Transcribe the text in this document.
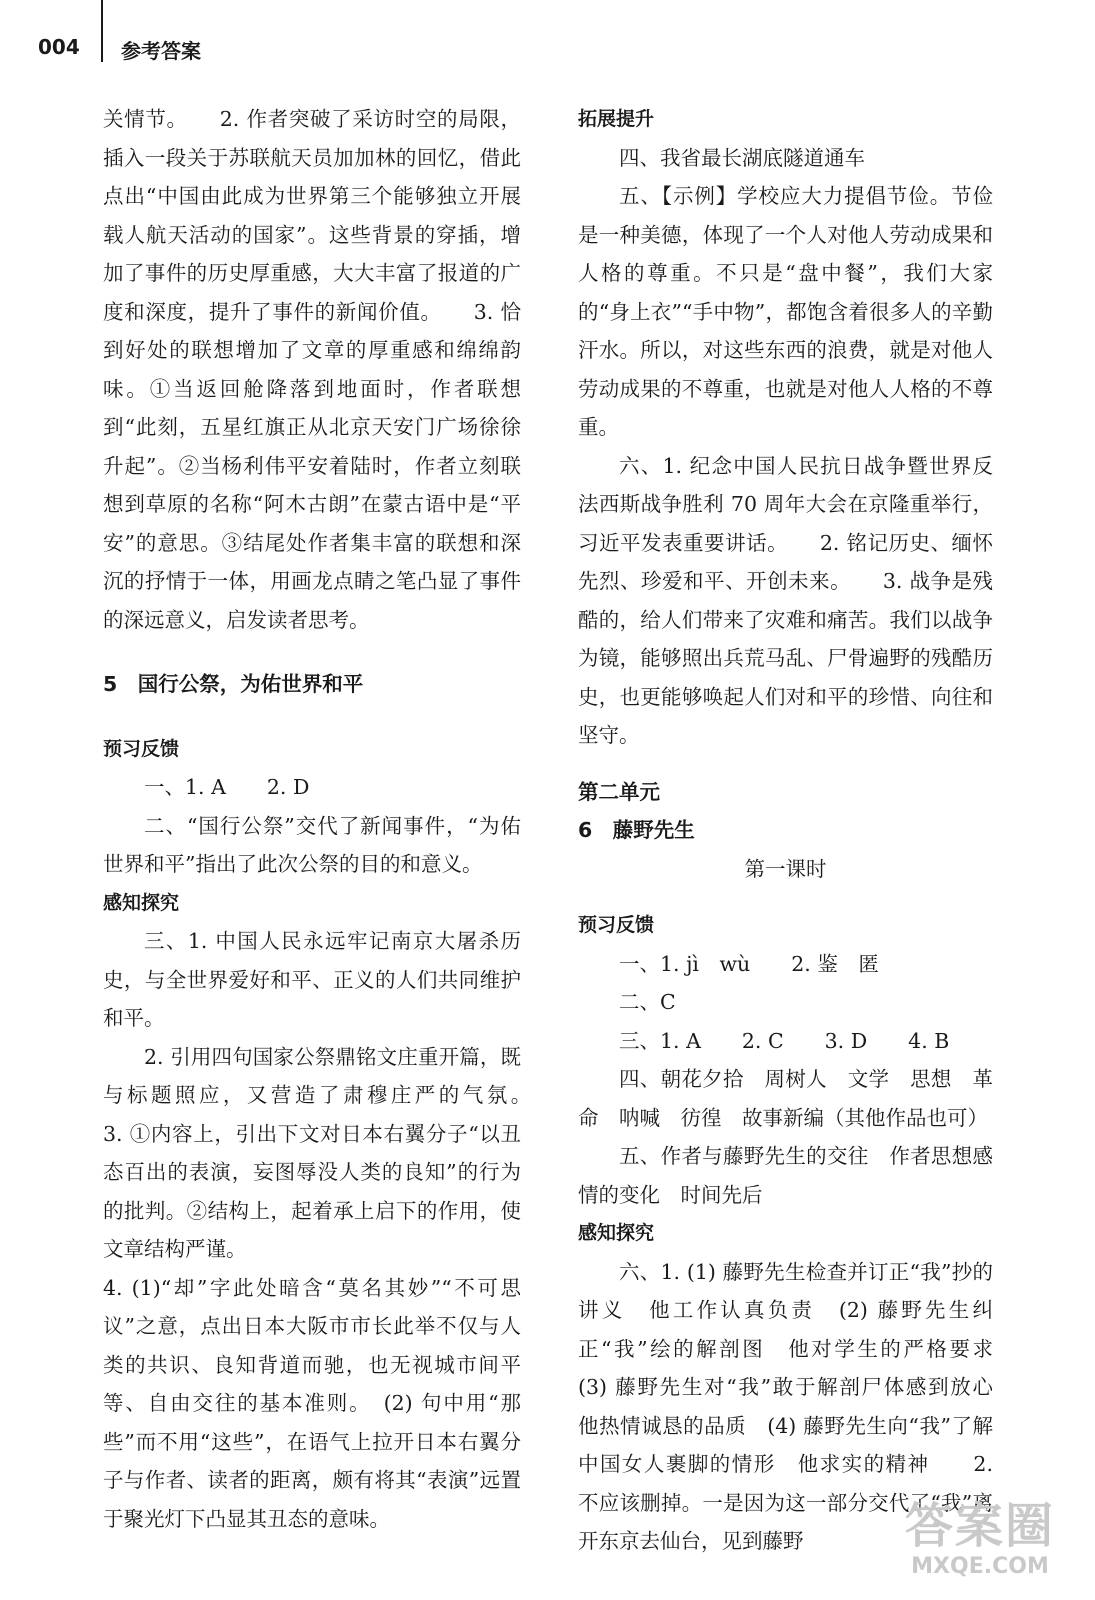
004 参考答案

关情节。　　2. 作者突破了采访时空的局限，插入一段关于苏联航天员加加林的回忆，借此点出“中国由此成为世界第三个能够独立开展载人航天活动的国家”。这些背景的穿插，增加了事件的历史厚重感，大大丰富了报道的广度和深度，提升了事件的新闻价值。　　3. 恰到好处的联想增加了文章的厚重感和绵绵韵味。①当返回舱降落到地面时，作者联想到“此刻，五星红旗正从北京天安门广场徐徐升起”。②当杨利伟平安着陆时，作者立刻联想到草原的名称“阿木古朗”在蒙古语中是“平安”的意思。③结尾处作者集丰富的联想和深沉的抒情于一体，用画龙点睛之笔凸显了事件的深远意义，启发读者思考。

5　国行公祭，为佑世界和平

预习反馈

一、1. A　　2. D

二、“国行公祭”交代了新闻事件，“为佑世界和平”指出了此次公祭的目的和意义。

感知探究

三、1. 中国人民永远牢记南京大屠杀历史，与全世界爱好和平、正义的人们共同维护和平。

2. 引用四句国家公祭鼎铭文庄重开篇，既与标题照应，又营造了肃穆庄严的气氛。　　3. ①内容上，引出下文对日本右翼分子“以丑态百出的表演，妄图辱没人类的良知”的行为的批判。②结构上，起着承上启下的作用，使文章结构严谨。

4. (1)“却”字此处暗含“莫名其妙”“不可思议”之意，点出日本大阪市市长此举不仅与人类的共识、良知背道而驰，也无视城市间平等、自由交往的基本准则。　(2) 句中用“那些”而不用“这些”，在语气上拉开日本右翼分子与作者、读者的距离，颇有将其“表演”远置于聚光灯下凸显其丑态的意味。

拓展提升

四、我省最长湖底隧道通车

五、【示例】学校应大力提倡节俭。节俭是一种美德，体现了一个人对他人劳动成果和人格的尊重。不只是“盘中餐”，我们大家的“身上衣”“手中物”，都饱含着很多人的辛勤汗水。所以，对这些东西的浪费，就是对他人劳动成果的不尊重，也就是对他人人格的不尊重。

六、1. 纪念中国人民抗日战争暨世界反法西斯战争胜利 70 周年大会在京隆重举行，习近平发表重要讲话。　　2. 铭记历史、缅怀先烈、珍爱和平、开创未来。　　3. 战争是残酷的，给人们带来了灾难和痛苦。我们以战争为镜，能够照出兵荒马乱、尸骨遍野的残酷历史，也更能够唤起人们对和平的珍惜、向往和坚守。

第二单元

6　藤野先生

第一课时

预习反馈

一、1. jì　wù　　2. 鉴　匿

二、C

三、1. A　　2. C　　3. D　　4. B

四、朝花夕拾　周树人　文学　思想　革命　呐喊　彷徨　故事新编（其他作品也可）

五、作者与藤野先生的交往　作者思想感情的变化　时间先后

感知探究

六、1. (1) 藤野先生检查并订正“我”抄的讲义　他工作认真负责　(2) 藤野先生纠正“我”绘的解剖图　他对学生的严格要求　(3) 藤野先生对“我”敢于解剖尸体感到放心　他热情诚恳的品质　(4) 藤野先生向“我”了解中国女人裹脚的情形　他求实的精神　　2. 不应该删掉。一是因为这一部分交代了“我”离开东京去仙台，见到藤野	答案圈
MXQE.COM
